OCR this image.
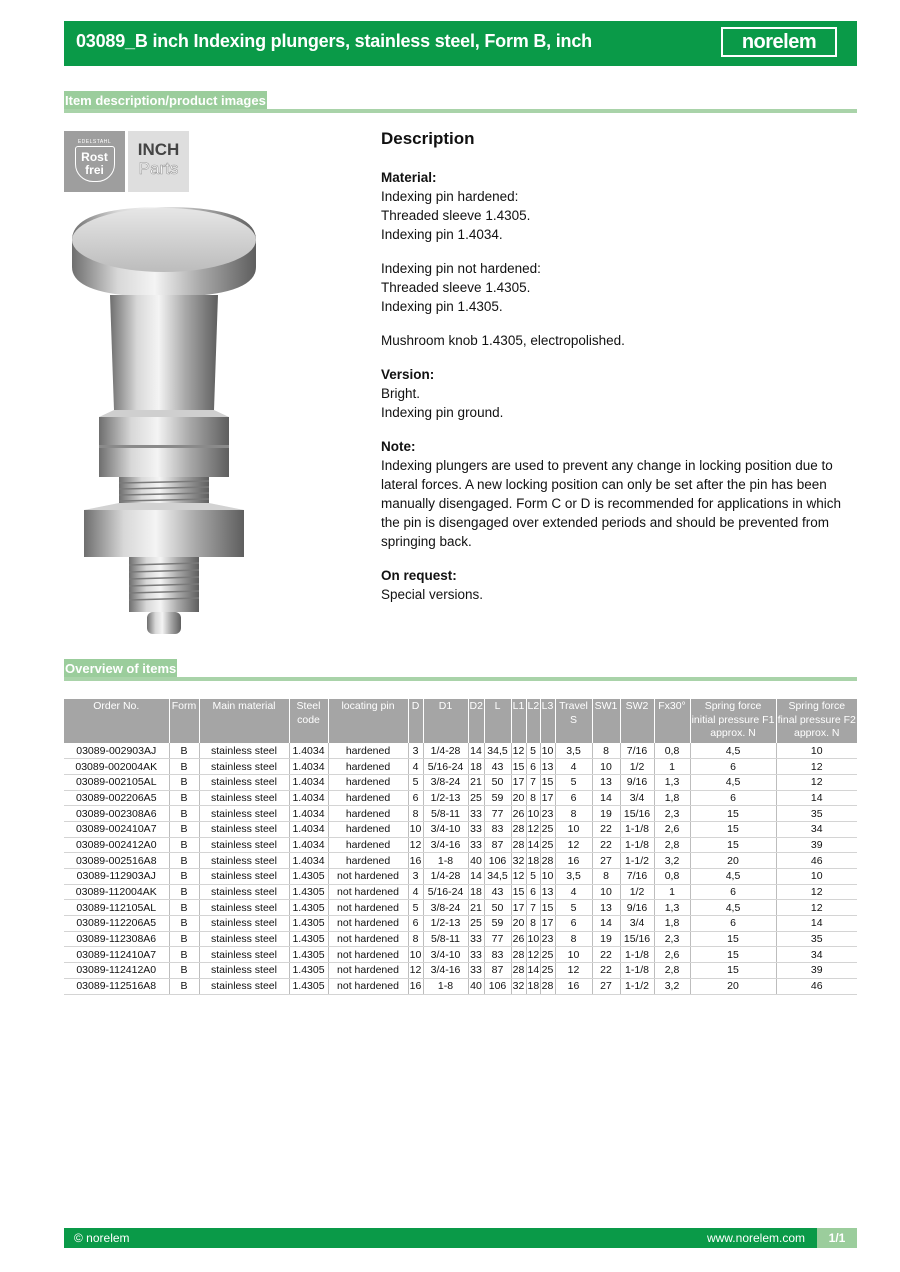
03089_B inch Indexing plungers, stainless steel, Form B, inch	norelem
Item description/product images
EDELSTAHL
Rost
frei
INCH
Parts
Description
Material:
Indexing pin hardened:
Threaded sleeve 1.4305.
Indexing pin 1.4034.
Indexing pin not hardened:
Threaded sleeve 1.4305.
Indexing pin 1.4305.
Mushroom knob 1.4305, electropolished.
Version:
Bright.
Indexing pin ground.
Note:
Indexing plungers are used to prevent any change in locking position due to lateral forces. A new locking position can only be set after the pin has been manually disengaged. Form C or D is recommended for applications in which the pin is disengaged over extended periods and should be prevented from springing back.
On request:
Special versions.
Overview of items
Order No.	Form	Main material	Steel code	locating pin	D	D1	D2	L	L1	L2	L3	Travel S	SW1	SW2	Fx30°	Spring force initial pressure F1 approx. N	Spring force final pressure F2 approx. N
03089-002903AJ	B	stainless steel	1.4034	hardened	3	1/4-28	14	34,5	12	5	10	3,5	8	7/16	0,8	4,5	10
03089-002004AK	B	stainless steel	1.4034	hardened	4	5/16-24	18	43	15	6	13	4	10	1/2	1	6	12
03089-002105AL	B	stainless steel	1.4034	hardened	5	3/8-24	21	50	17	7	15	5	13	9/16	1,3	4,5	12
03089-002206A5	B	stainless steel	1.4034	hardened	6	1/2-13	25	59	20	8	17	6	14	3/4	1,8	6	14
03089-002308A6	B	stainless steel	1.4034	hardened	8	5/8-11	33	77	26	10	23	8	19	15/16	2,3	15	35
03089-002410A7	B	stainless steel	1.4034	hardened	10	3/4-10	33	83	28	12	25	10	22	1-1/8	2,6	15	34
03089-002412A0	B	stainless steel	1.4034	hardened	12	3/4-16	33	87	28	14	25	12	22	1-1/8	2,8	15	39
03089-002516A8	B	stainless steel	1.4034	hardened	16	1-8	40	106	32	18	28	16	27	1-1/2	3,2	20	46
03089-112903AJ	B	stainless steel	1.4305	not hardened	3	1/4-28	14	34,5	12	5	10	3,5	8	7/16	0,8	4,5	10
03089-112004AK	B	stainless steel	1.4305	not hardened	4	5/16-24	18	43	15	6	13	4	10	1/2	1	6	12
03089-112105AL	B	stainless steel	1.4305	not hardened	5	3/8-24	21	50	17	7	15	5	13	9/16	1,3	4,5	12
03089-112206A5	B	stainless steel	1.4305	not hardened	6	1/2-13	25	59	20	8	17	6	14	3/4	1,8	6	14
03089-112308A6	B	stainless steel	1.4305	not hardened	8	5/8-11	33	77	26	10	23	8	19	15/16	2,3	15	35
03089-112410A7	B	stainless steel	1.4305	not hardened	10	3/4-10	33	83	28	12	25	10	22	1-1/8	2,6	15	34
03089-112412A0	B	stainless steel	1.4305	not hardened	12	3/4-16	33	87	28	14	25	12	22	1-1/8	2,8	15	39
03089-112516A8	B	stainless steel	1.4305	not hardened	16	1-8	40	106	32	18	28	16	27	1-1/2	3,2	20	46
© norelem	www.norelem.com	1/1
